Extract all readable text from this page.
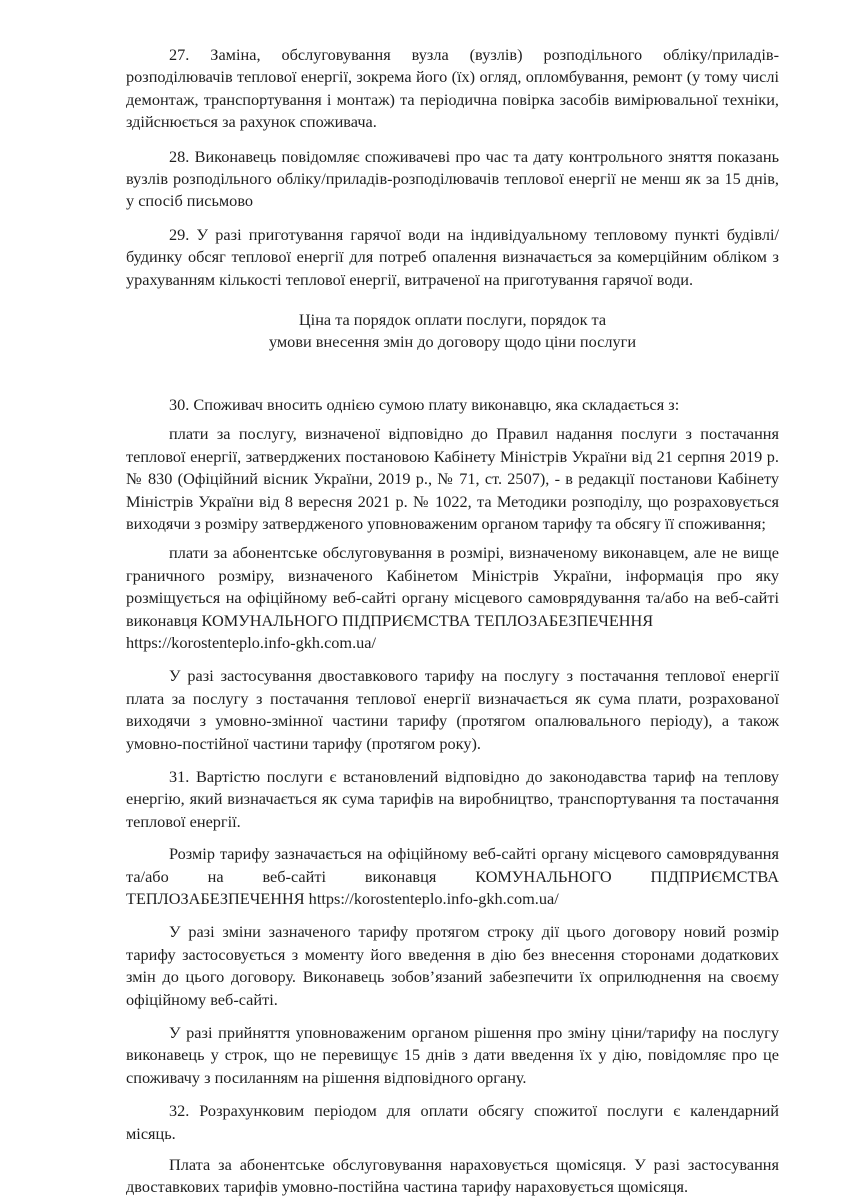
27. Заміна, обслуговування вузла (вузлів) розподільного обліку/приладів-розподілювачів теплової енергії, зокрема його (їх) огляд, опломбування, ремонт (у тому числі демонтаж, транспортування і монтаж) та періодична повірка засобів вимірювальної техніки, здійснюється за рахунок споживача.

28. Виконавець повідомляє споживачеві про час та дату контрольного зняття показань вузлів розподільного обліку/приладів-розподілювачів теплової енергії не менш як за 15 днів, у спосіб письмово

29. У разі приготування гарячої води на індивідуальному тепловому пункті будівлі/будинку обсяг теплової енергії для потреб опалення визначається за комерційним обліком з урахуванням кількості теплової енергії, витраченої на приготування гарячої води.

Ціна та порядок оплати послуги, порядок та
умови внесення змін до договору щодо ціни послуги

30. Споживач вносить однією сумою плату виконавцю, яка складається з:

плати за послугу, визначеної відповідно до Правил надання послуги з постачання теплової енергії, затверджених постановою Кабінету Міністрів України від 21 серпня 2019 р. № 830 (Офіційний вісник України, 2019 р., № 71, ст. 2507), - в редакції постанови Кабінету Міністрів України від 8 вересня 2021 р. № 1022, та Методики розподілу, що розраховується виходячи з розміру затвердженого уповноваженим органом тарифу та обсягу її споживання;

плати за абонентське обслуговування в розмірі, визначеному виконавцем, але не вище граничного розміру, визначеного Кабінетом Міністрів України, інформація про яку розміщується на офіційному веб-сайті органу місцевого самоврядування та/або на веб-сайті виконавця КОМУНАЛЬНОГО ПІДПРИЄМСТВА ТЕПЛОЗАБЕЗПЕЧЕННЯ
https://korostenteplo.info-gkh.com.ua/

У разі застосування двоставкового тарифу на послугу з постачання теплової енергії плата за послугу з постачання теплової енергії визначається як сума плати, розрахованої виходячи з умовно-змінної частини тарифу (протягом опалювального періоду), а також умовно-постійної частини тарифу (протягом року).

31. Вартістю послуги є встановлений відповідно до законодавства тариф на теплову енергію, який визначається як сума тарифів на виробництво, транспортування та постачання теплової енергії.

Розмір тарифу зазначається на офіційному веб-сайті органу місцевого самоврядування та/або на веб-сайті виконавця КОМУНАЛЬНОГО ПІДПРИЄМСТВА ТЕПЛОЗАБЕЗПЕЧЕННЯ https://korostenteplo.info-gkh.com.ua/

У разі зміни зазначеного тарифу протягом строку дії цього договору новий розмір тарифу застосовується з моменту його введення в дію без внесення сторонами додаткових змін до цього договору. Виконавець зобов’язаний забезпечити їх оприлюднення на своєму офіційному веб-сайті.

У разі прийняття уповноваженим органом рішення про зміну ціни/тарифу на послугу виконавець у строк, що не перевищує 15 днів з дати введення їх у дію, повідомляє про це споживачу з посиланням на рішення відповідного органу.

32. Розрахунковим періодом для оплати обсягу спожитої послуги є календарний місяць.

Плата за абонентське обслуговування нараховується щомісяця. У разі застосування двоставкових тарифів умовно-постійна частина тарифу нараховується щомісяця.
